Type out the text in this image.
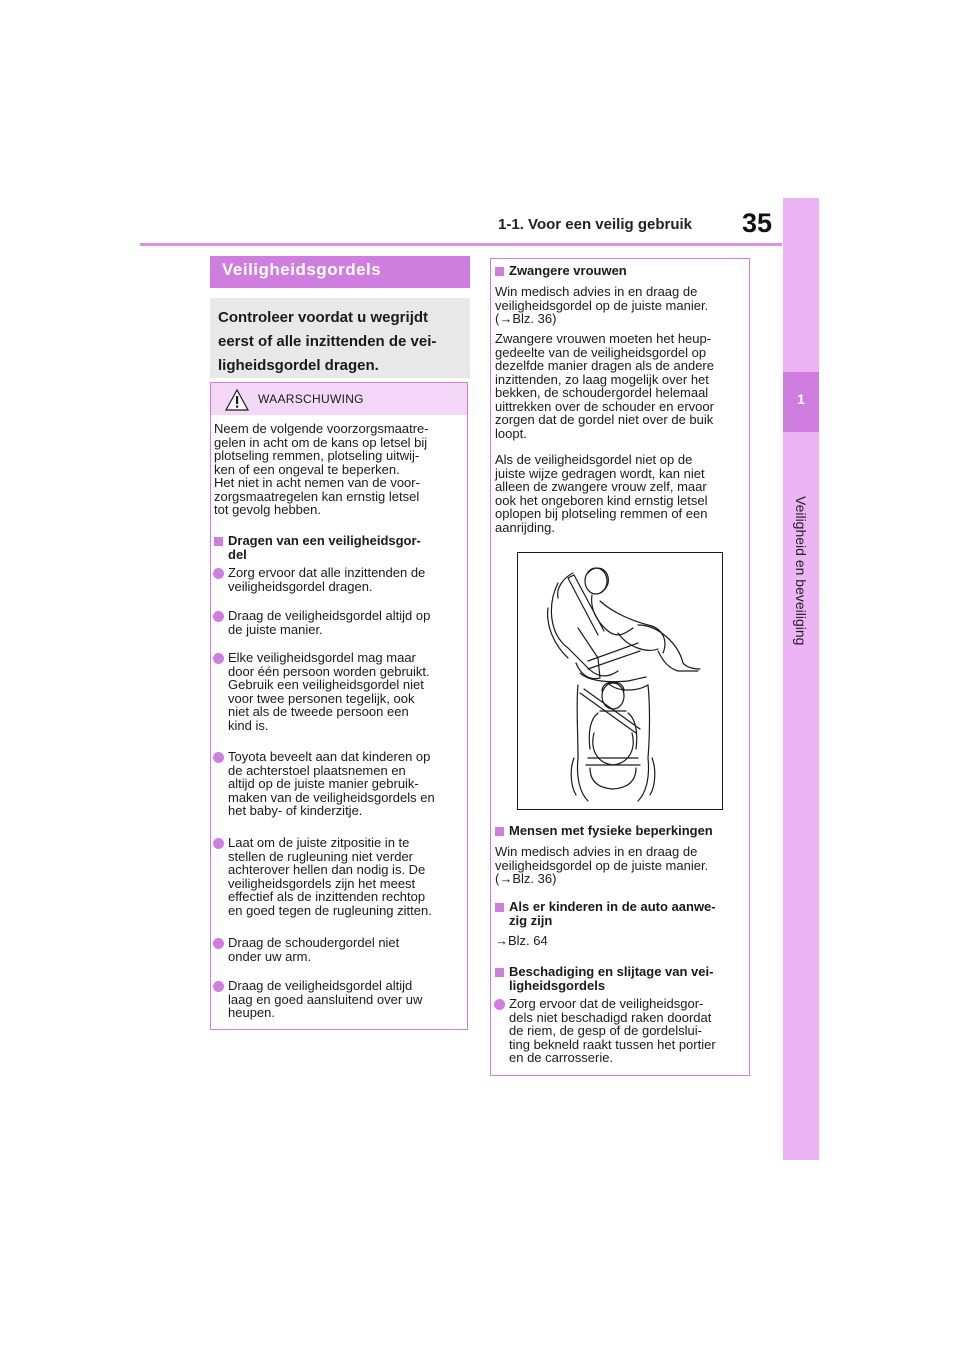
35
1-1. Voor een veilig gebruik
1
Veiligheid en beveiliging
Veiligheidsgordels
Controleer voordat u wegrijdt
eerst of alle inzittenden de vei-
ligheidsgordel dragen.
WAARSCHUWING
Neem de volgende voorzorgsmaatre-
gelen in acht om de kans op letsel bij
plotseling remmen, plotseling uitwij-
ken of een ongeval te beperken.
Het niet in acht nemen van de voor-
zorgsmaatregelen kan ernstig letsel
tot gevolg hebben.
Dragen van een veiligheidsgor-
del
Zorg ervoor dat alle inzittenden de
veiligheidsgordel dragen.
Draag de veiligheidsgordel altijd op
de juiste manier.
Elke veiligheidsgordel mag maar
door één persoon worden gebruikt.
Gebruik een veiligheidsgordel niet
voor twee personen tegelijk, ook
niet als de tweede persoon een
kind is.
Toyota beveelt aan dat kinderen op
de achterstoel plaatsnemen en
altijd op de juiste manier gebruik-
maken van de veiligheidsgordels en
het baby- of kinderzitje.
Laat om de juiste zitpositie in te
stellen de rugleuning niet verder
achterover hellen dan nodig is. De
veiligheidsgordels zijn het meest
effectief als de inzittenden rechtop
en goed tegen de rugleuning zitten.
Draag de schoudergordel niet
onder uw arm.
Draag de veiligheidsgordel altijd
laag en goed aansluitend over uw
heupen.
Zwangere vrouwen
Win medisch advies in en draag de
veiligheidsgordel op de juiste manier.
(→Blz. 36)
Zwangere vrouwen moeten het heup-
gedeelte van de veiligheidsgordel op
dezelfde manier dragen als de andere
inzittenden, zo laag mogelijk over het
bekken, de schoudergordel helemaal
uittrekken over de schouder en ervoor
zorgen dat de gordel niet over de buik
loopt.
Als de veiligheidsgordel niet op de
juiste wijze gedragen wordt, kan niet
alleen de zwangere vrouw zelf, maar
ook het ongeboren kind ernstig letsel
oplopen bij plotseling remmen of een
aanrijding.
Mensen met fysieke beperkingen
Win medisch advies in en draag de
veiligheidsgordel op de juiste manier.
(→Blz. 36)
Als er kinderen in de auto aanwe-
zig zijn
→Blz. 64
Beschadiging en slijtage van vei-
ligheidsgordels
Zorg ervoor dat de veiligheidsgor-
dels niet beschadigd raken doordat
de riem, de gesp of de gordelslui-
ting bekneld raakt tussen het portier
en de carrosserie.
